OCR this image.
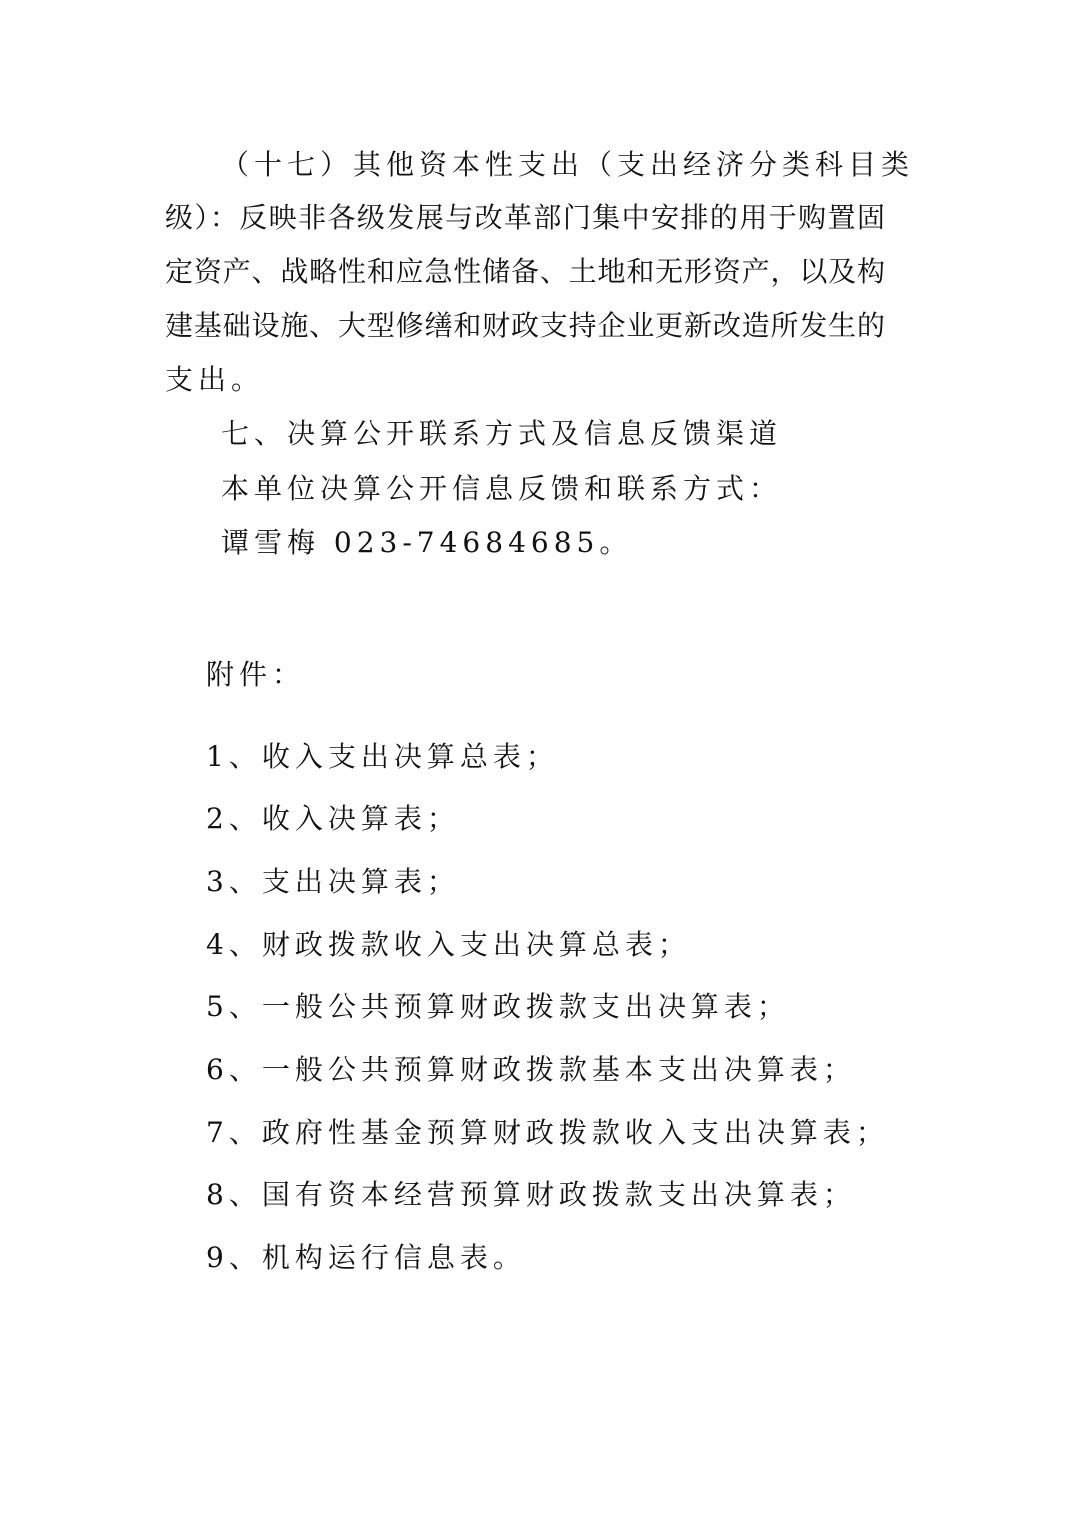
（十七）其他资本性支出（支出经济分类科目类
级）：反映非各级发展与改革部门集中安排的用于购置固
定资产、战略性和应急性储备、土地和无形资产，以及构
建基础设施、大型修缮和财政支持企业更新改造所发生的
支出。
七、决算公开联系方式及信息反馈渠道
本单位决算公开信息反馈和联系方式：
谭雪梅 023-74684685。
附件：
1、收入支出决算总表；
2、收入决算表；
3、支出决算表；
4、财政拨款收入支出决算总表；
5、一般公共预算财政拨款支出决算表；
6、一般公共预算财政拨款基本支出决算表；
7、政府性基金预算财政拨款收入支出决算表；
8、国有资本经营预算财政拨款支出决算表；
9、机构运行信息表。
